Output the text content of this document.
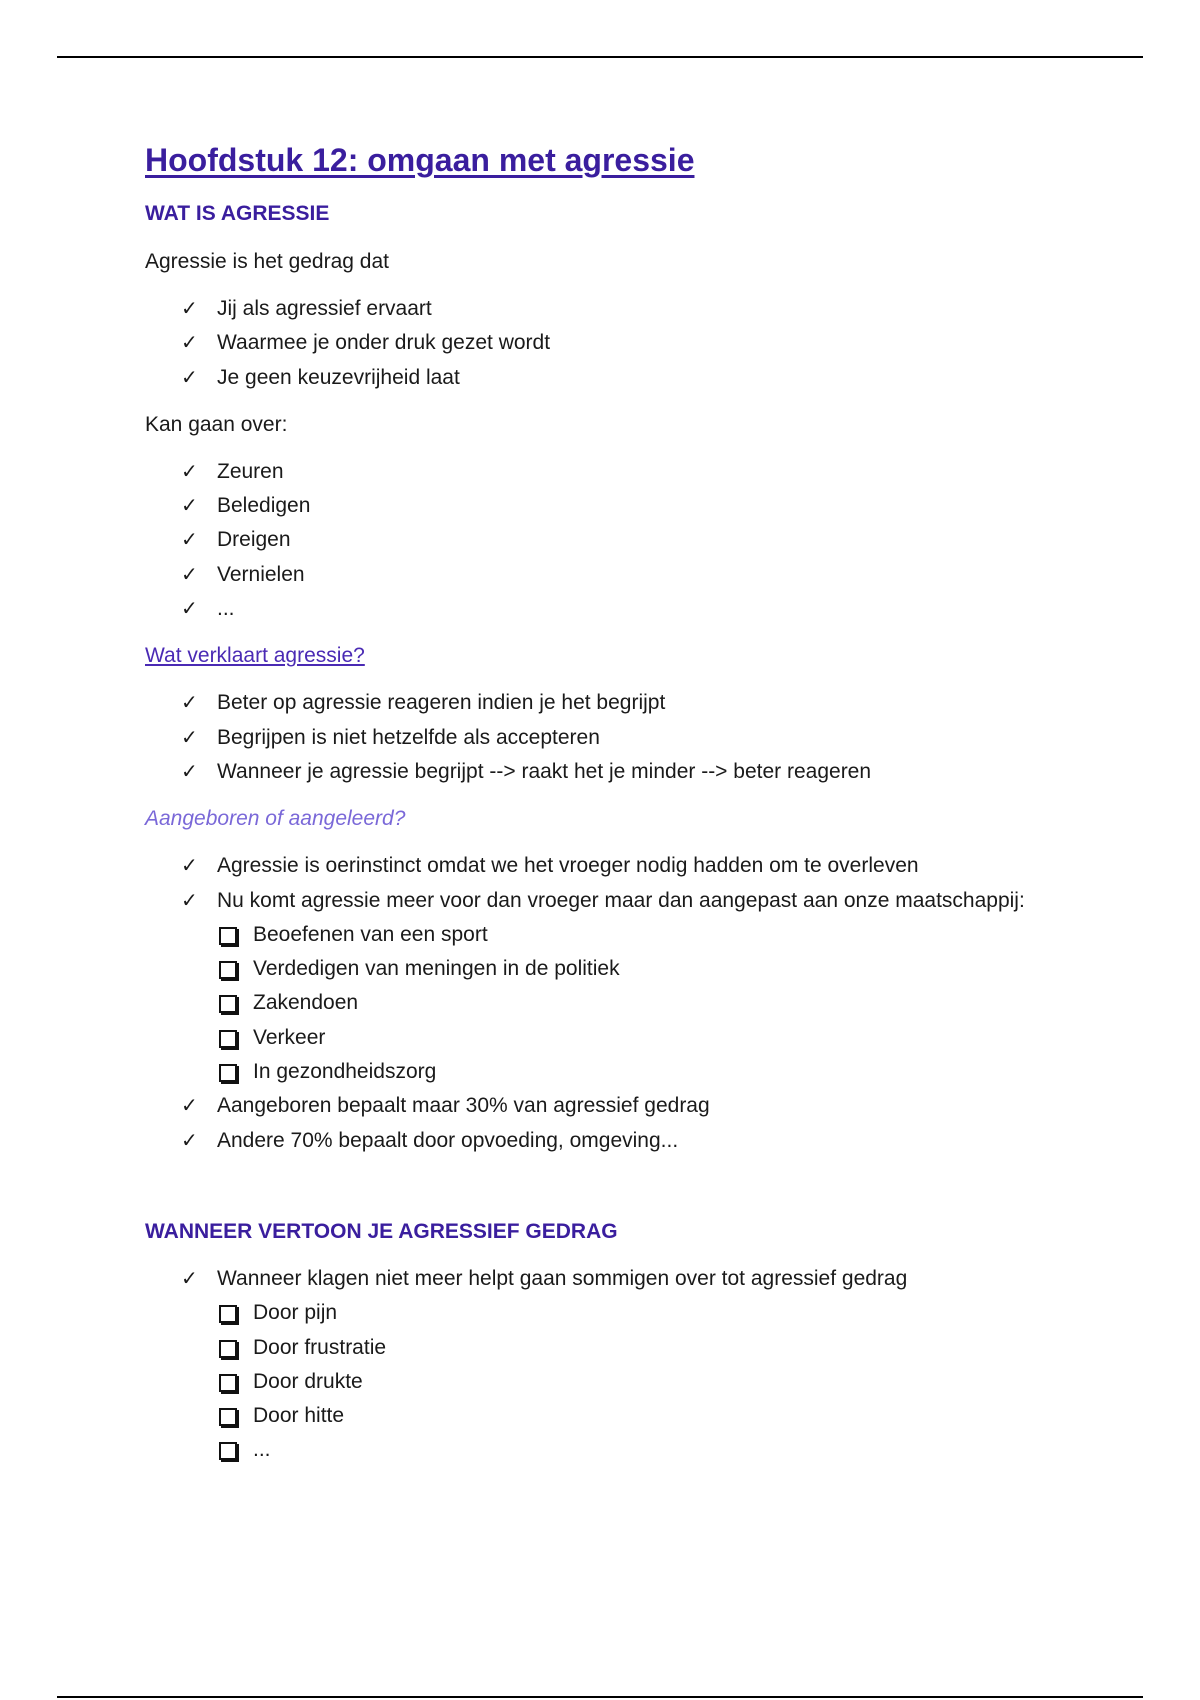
Hoofdstuk 12: omgaan met agressie

WAT IS AGRESSIE

Agressie is het gedrag dat

✓ Jij als agressief ervaart
✓ Waarmee je onder druk gezet wordt
✓ Je geen keuzevrijheid laat

Kan gaan over:

✓ Zeuren
✓ Beledigen
✓ Dreigen
✓ Vernielen
✓ ...

Wat verklaart agressie?

✓ Beter op agressie reageren indien je het begrijpt
✓ Begrijpen is niet hetzelfde als accepteren
✓ Wanneer je agressie begrijpt --> raakt het je minder --> beter reageren

Aangeboren of aangeleerd?

✓ Agressie is oerinstinct omdat we het vroeger nodig hadden om te overleven
✓ Nu komt agressie meer voor dan vroeger maar dan aangepast aan onze maatschappij:
Beoefenen van een sport
Verdedigen van meningen in de politiek
Zakendoen
Verkeer
In gezondheidszorg
✓ Aangeboren bepaalt maar 30% van agressief gedrag
✓ Andere 70% bepaalt door opvoeding, omgeving...

WANNEER VERTOON JE AGRESSIEF GEDRAG

✓ Wanneer klagen niet meer helpt gaan sommigen over tot agressief gedrag
Door pijn
Door frustratie
Door drukte
Door hitte
...
